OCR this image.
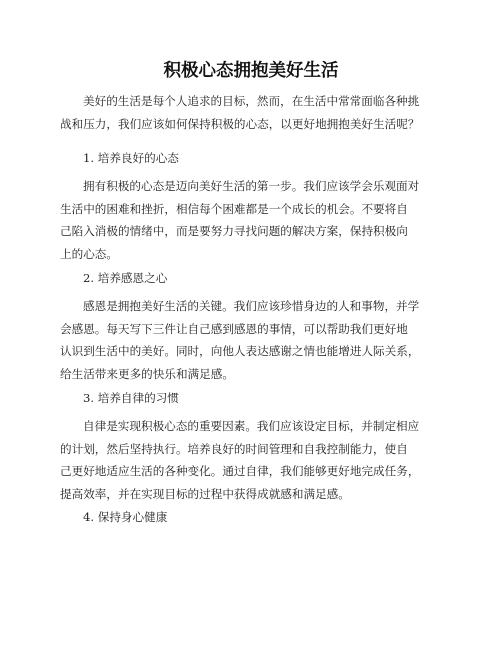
积极心态拥抱美好生活
美好的生活是每个人追求的目标，然而，在生活中常常面临各种挑
战和压力，我们应该如何保持积极的心态，以更好地拥抱美好生活呢？
1. 培养良好的心态
拥有积极的心态是迈向美好生活的第一步。我们应该学会乐观面对
生活中的困难和挫折，相信每个困难都是一个成长的机会。不要将自
己陷入消极的情绪中，而是要努力寻找问题的解决方案，保持积极向
上的心态。
2. 培养感恩之心
感恩是拥抱美好生活的关键。我们应该珍惜身边的人和事物，并学
会感恩。每天写下三件让自己感到感恩的事情，可以帮助我们更好地
认识到生活中的美好。同时，向他人表达感谢之情也能增进人际关系，
给生活带来更多的快乐和满足感。
3. 培养自律的习惯
自律是实现积极心态的重要因素。我们应该设定目标，并制定相应
的计划，然后坚持执行。培养良好的时间管理和自我控制能力，使自
己更好地适应生活的各种变化。通过自律，我们能够更好地完成任务，
提高效率，并在实现目标的过程中获得成就感和满足感。
4. 保持身心健康
